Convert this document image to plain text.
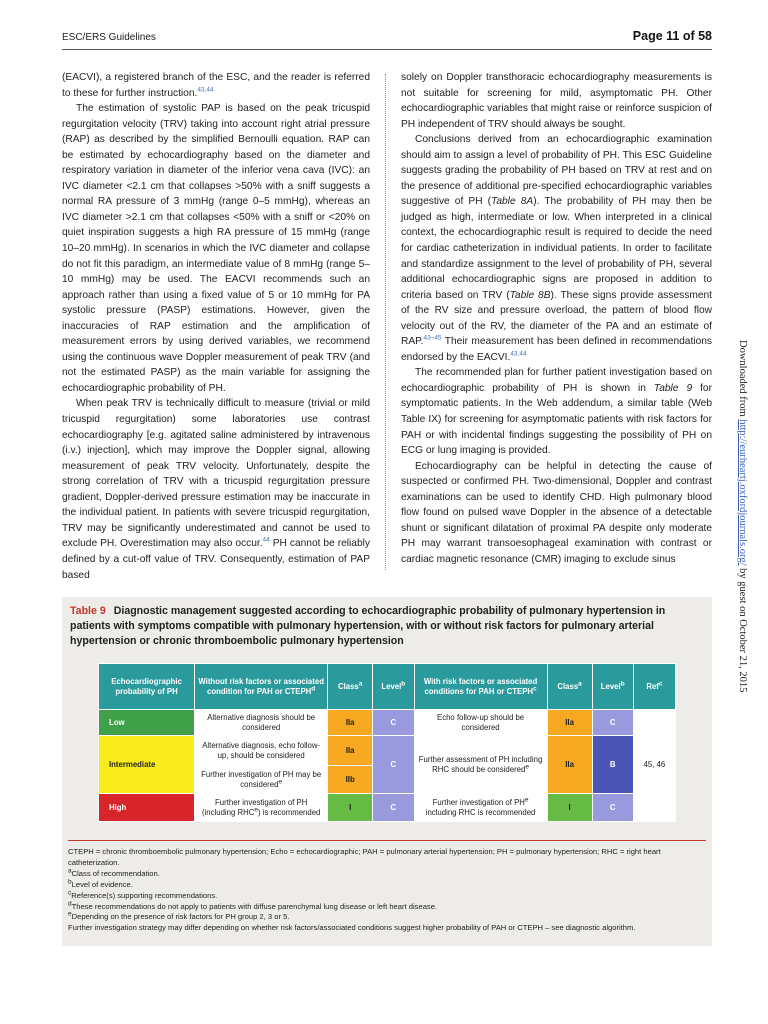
ESC/ERS Guidelines	Page 11 of 58

(EACVI), a registered branch of the ESC, and the reader is referred to these for further instruction.$^{43,44}$

The estimation of systolic PAP is based on the peak tricuspid regurgitation velocity (TRV) taking into account right atrial pressure (RAP) as described by the simplified Bernoulli equation. RAP can be estimated by echocardiography based on the diameter and respiratory variation in diameter of the inferior vena cava (IVC): an IVC diameter <2.1 cm that collapses >50% with a sniff suggests a normal RA pressure of 3 mmHg (range 0–5 mmHg), whereas an IVC diameter >2.1 cm that collapses <50% with a sniff or <20% on quiet inspiration suggests a high RA pressure of 15 mmHg (range 10–20 mmHg). In scenarios in which the IVC diameter and collapse do not fit this paradigm, an intermediate value of 8 mmHg (range 5–10 mmHg) may be used. The EACVI recommends such an approach rather than using a fixed value of 5 or 10 mmHg for PA systolic pressure (PASP) estimations. However, given the inaccuracies of RAP estimation and the amplification of measurement errors by using derived variables, we recommend using the continuous wave Doppler measurement of peak TRV (and not the estimated PASP) as the main variable for assigning the echocardiographic probability of PH.

When peak TRV is technically difficult to measure (trivial or mild tricuspid regurgitation) some laboratories use contrast echocardiography [e.g. agitated saline administered by intravenous (i.v.) injection], which may improve the Doppler signal, allowing measurement of peak TRV velocity. Unfortunately, despite the strong correlation of TRV with a tricuspid regurgitation pressure gradient, Doppler-derived pressure estimation may be inaccurate in the individual patient. In patients with severe tricuspid regurgitation, TRV may be significantly underestimated and cannot be used to exclude PH. Overestimation may also occur.$^{44}$ PH cannot be reliably defined by a cut-off value of TRV. Consequently, estimation of PAP based

solely on Doppler transthoracic echocardiography measurements is not suitable for screening for mild, asymptomatic PH. Other echocardiographic variables that might raise or reinforce suspicion of PH independent of TRV should always be sought.

Conclusions derived from an echocardiographic examination should aim to assign a level of probability of PH. This ESC Guideline suggests grading the probability of PH based on TRV at rest and on the presence of additional pre-specified echocardiographic variables suggestive of PH (Table 8A). The probability of PH may then be judged as high, intermediate or low. When interpreted in a clinical context, the echocardiographic result is required to decide the need for cardiac catheterization in individual patients. In order to facilitate and standardize assignment to the level of probability of PH, several additional echocardiographic signs are proposed in addition to criteria based on TRV (Table 8B). These signs provide assessment of the RV size and pressure overload, the pattern of blood flow velocity out of the RV, the diameter of the PA and an estimate of RAP.$^{43-45}$ Their measurement has been defined in recommendations endorsed by the EACVI.$^{43,44}$

The recommended plan for further patient investigation based on echocardiographic probability of PH is shown in Table 9 for symptomatic patients. In the Web addendum, a similar table (Web Table IX) for screening for asymptomatic patients with risk factors for PAH or with incidental findings suggesting the possibility of PH on ECG or lung imaging is provided.

Echocardiography can be helpful in detecting the cause of suspected or confirmed PH. Two-dimensional, Doppler and contrast examinations can be used to identify CHD. High pulmonary blood flow found on pulsed wave Doppler in the absence of a detectable shunt or significant dilatation of proximal PA despite only moderate PH may warrant transoesophageal examination with contrast or cardiac magnetic resonance (CMR) imaging to exclude sinus

Downloaded from http://eurheartj.oxfordjournals.org/ by guest on October 21, 2015
Table 9 Diagnostic management suggested according to echocardiographic probability of pulmonary hypertension in patients with symptoms compatible with pulmonary hypertension, with or without risk factors for pulmonary arterial hypertension or chronic thromboembolic pulmonary hypertension
Echocardiographic probability of PH	Without risk factors or associated condition for PAH or CTEPH$^d$	Class$^a$	Level$^b$	With risk factors or associated conditions for PAH or CTEPH$^c$	Class$^a$	Level$^b$	Ref$^c$
Low	Alternative diagnosis should be considered	IIa	C	Echo follow-up should be considered	IIa	C	
Intermediate	Alternative diagnosis, echo follow-up, should be considered	IIa	C	Further assessment of PH including RHC should be considered$^e$	IIa	B	45, 46
	Further investigation of PH may be considered$^e$	IIb					
High	Further investigation of PH (including RHC$^e$) is recommended	I	C	Further investigation of $PH^e$ including RHC is recommended	I	C	
CTEPH = chronic thromboembolic pulmonary hypertension; Echo = echocardiographic; PAH = pulmonary arterial hypertension; PH = pulmonary hypertension; RHC = right heart catheterization.
$^a$Class of recommendation.
$^b$Level of evidence.
$^c$Reference(s) supporting recommendations.
$^d$These recommendations do not apply to patients with diffuse parenchymal lung disease or left heart disease.
$^e$Depending on the presence of risk factors for PH group 2, 3 or 5.
Further investigation strategy may differ depending on whether risk factors/associated conditions suggest higher probability of PAH or CTEPH – see diagnostic algorithm.
